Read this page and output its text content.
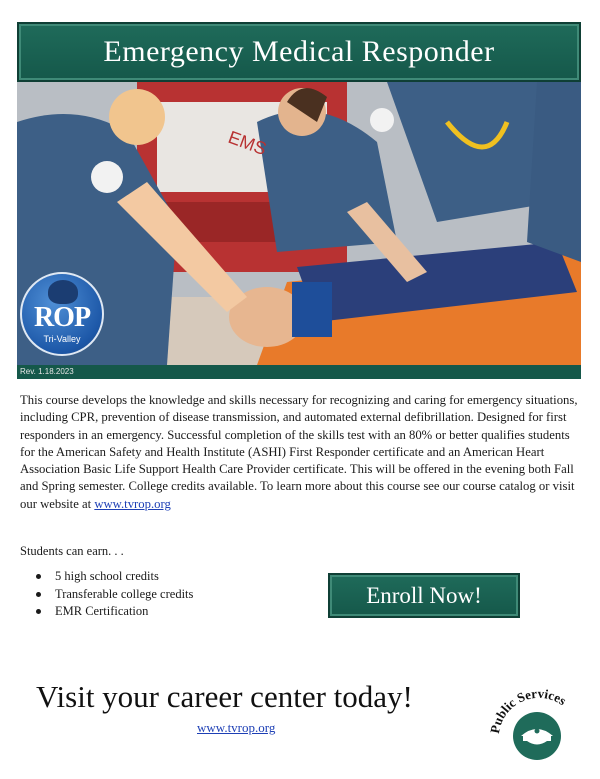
Emergency Medical Responder
EMS
ROP
Tri-Valley
Rev. 1.18.2023

This course develops the knowledge and skills necessary for recognizing and caring for emergency situations, including CPR, prevention of disease transmission, and automated external defibrillation. Designed for first responders in an emergency. Successful completion of the skills test with an 80% or better qualifies students for the American Safety and Health Institute (ASHI) First Responder certificate and an American Heart Association Basic Life Support Health Care Provider certificate. This will be offered in the evening both Fall and Spring semester. College credits available. To learn more about this course see our course catalog or visit our website at www.tvrop.org

Students can earn. . .

5 high school credits
Transferable college credits
EMR Certification
Enroll Now!
Visit your career center today!
www.tvrop.org	Public Services
